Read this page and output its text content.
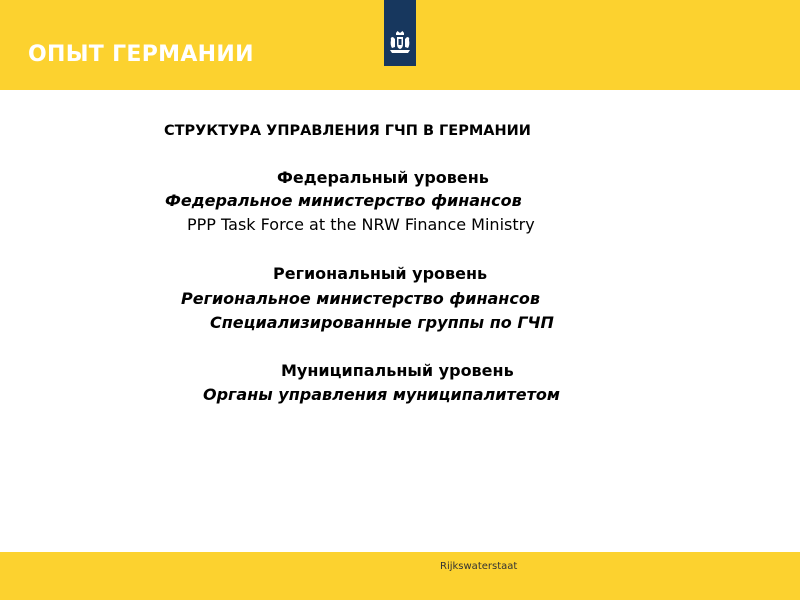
ОПЫТ ГЕРМАНИИ
СТРУКТУРА УПРАВЛЕНИЯ ГЧП В ГЕРМАНИИ
Федеральный уровень
Федеральное министерство финансов
PPP Task Force at the NRW Finance Ministry
Региональный уровень
Региональное министерство финансов
Специализированные группы по ГЧП
Муниципальный уровень
Органы управления муниципалитетом
Rijkswaterstaat
